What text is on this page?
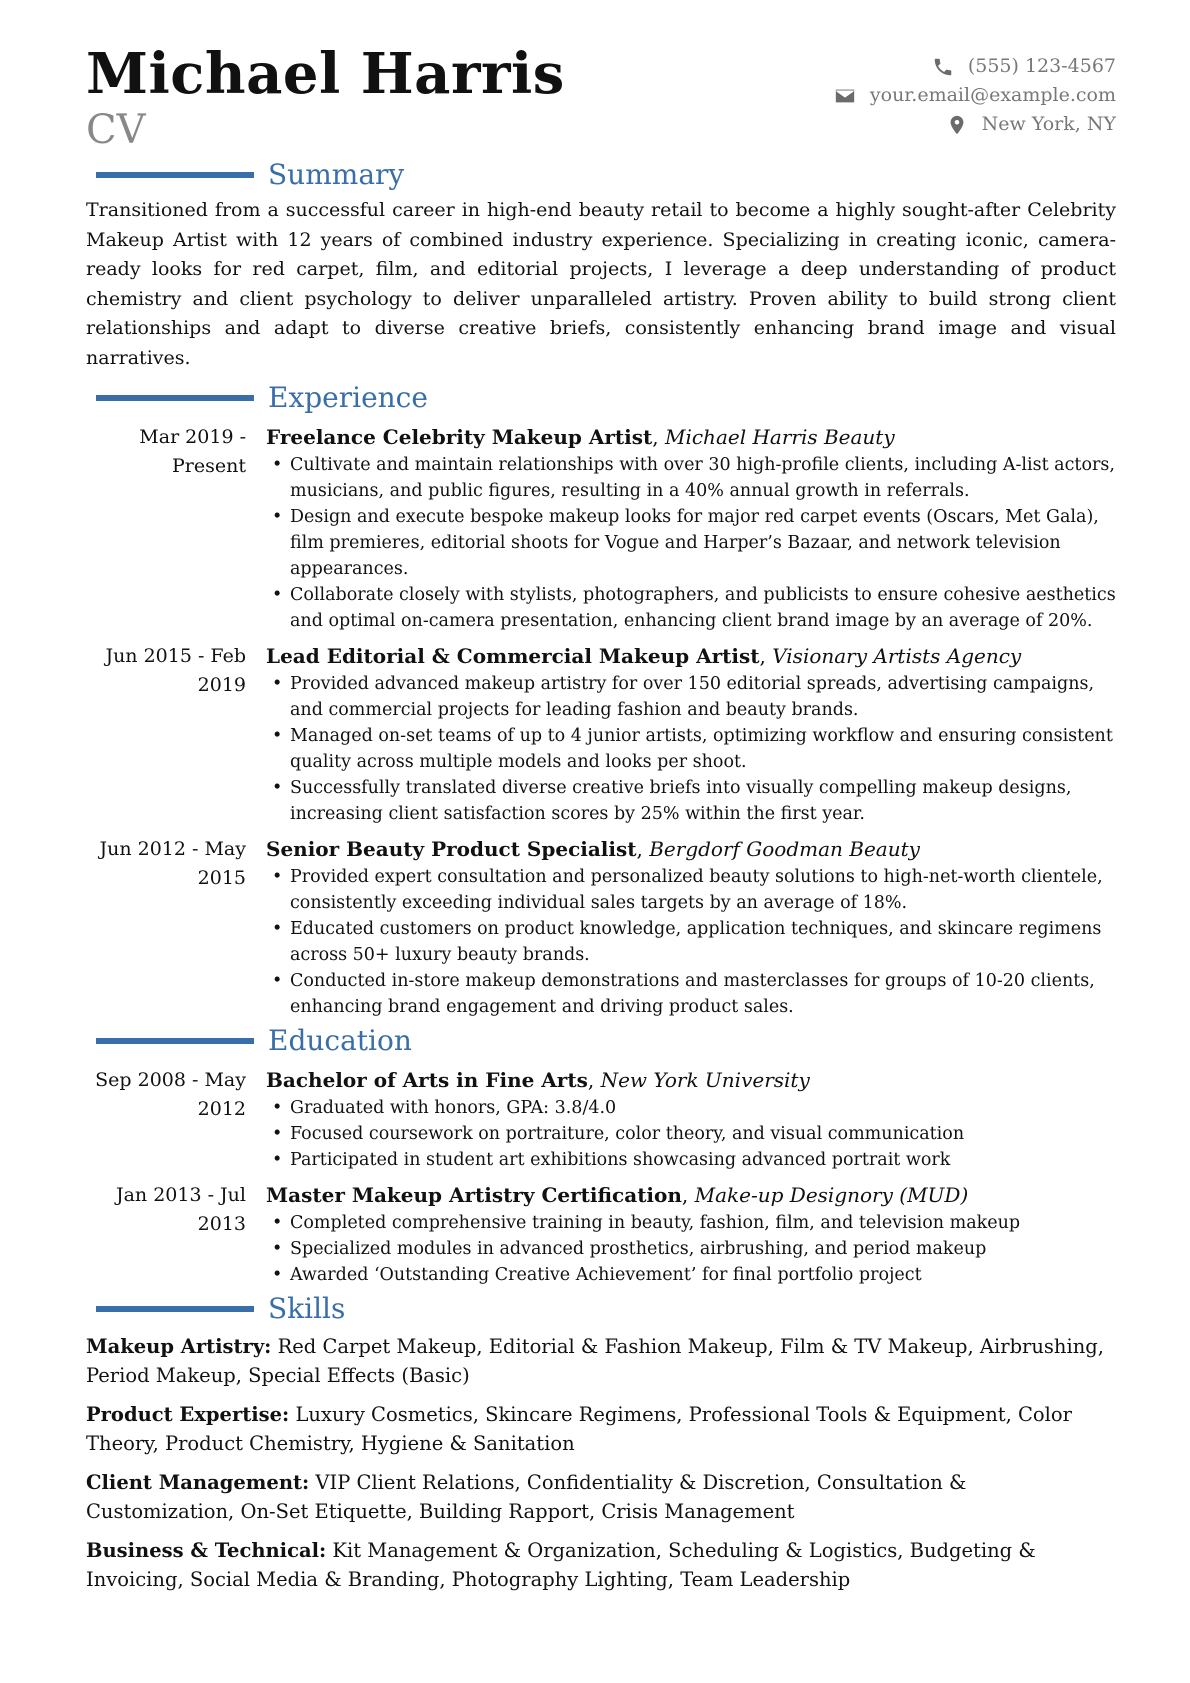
Michael Harris
CV
(555) 123-4567
your.email@example.com
New York, NY
Summary
Transitioned from a successful career in high-end beauty retail to become a highly sought-after Celebrity Makeup Artist with 12 years of combined industry experience. Specializing in creating iconic, camera-ready looks for red carpet, film, and editorial projects, I leverage a deep understanding of product chemistry and client psychology to deliver unparalleled artistry. Proven ability to build strong client relationships and adapt to diverse creative briefs, consistently enhancing brand image and visual narratives.
Experience
Mar 2019 - Present
Freelance Celebrity Makeup Artist, Michael Harris Beauty
• Cultivate and maintain relationships with over 30 high-profile clients, including A-list actors, musicians, and public figures, resulting in a 40% annual growth in referrals.
• Design and execute bespoke makeup looks for major red carpet events (Oscars, Met Gala), film premieres, editorial shoots for Vogue and Harper’s Bazaar, and network television appearances.
• Collaborate closely with stylists, photographers, and publicists to ensure cohesive aesthetics and optimal on-camera presentation, enhancing client brand image by an average of 20%.
Jun 2015 - Feb 2019
Lead Editorial & Commercial Makeup Artist, Visionary Artists Agency
• Provided advanced makeup artistry for over 150 editorial spreads, advertising campaigns, and commercial projects for leading fashion and beauty brands.
• Managed on-set teams of up to 4 junior artists, optimizing workflow and ensuring consistent quality across multiple models and looks per shoot.
• Successfully translated diverse creative briefs into visually compelling makeup designs, increasing client satisfaction scores by 25% within the first year.
Jun 2012 - May 2015
Senior Beauty Product Specialist, Bergdorf Goodman Beauty
• Provided expert consultation and personalized beauty solutions to high-net-worth clientele, consistently exceeding individual sales targets by an average of 18%.
• Educated customers on product knowledge, application techniques, and skincare regimens across 50+ luxury beauty brands.
• Conducted in-store makeup demonstrations and masterclasses for groups of 10-20 clients, enhancing brand engagement and driving product sales.
Education
Sep 2008 - May 2012
Bachelor of Arts in Fine Arts, New York University
• Graduated with honors, GPA: 3.8/4.0
• Focused coursework on portraiture, color theory, and visual communication
• Participated in student art exhibitions showcasing advanced portrait work
Jan 2013 - Jul 2013
Master Makeup Artistry Certification, Make-up Designory (MUD)
• Completed comprehensive training in beauty, fashion, film, and television makeup
• Specialized modules in advanced prosthetics, airbrushing, and period makeup
• Awarded ‘Outstanding Creative Achievement’ for final portfolio project
Skills
Makeup Artistry: Red Carpet Makeup, Editorial & Fashion Makeup, Film & TV Makeup, Airbrushing, Period Makeup, Special Effects (Basic)
Product Expertise: Luxury Cosmetics, Skincare Regimens, Professional Tools & Equipment, Color Theory, Product Chemistry, Hygiene & Sanitation
Client Management: VIP Client Relations, Confidentiality & Discretion, Consultation & Customization, On-Set Etiquette, Building Rapport, Crisis Management
Business & Technical: Kit Management & Organization, Scheduling & Logistics, Budgeting & Invoicing, Social Media & Branding, Photography Lighting, Team Leadership
